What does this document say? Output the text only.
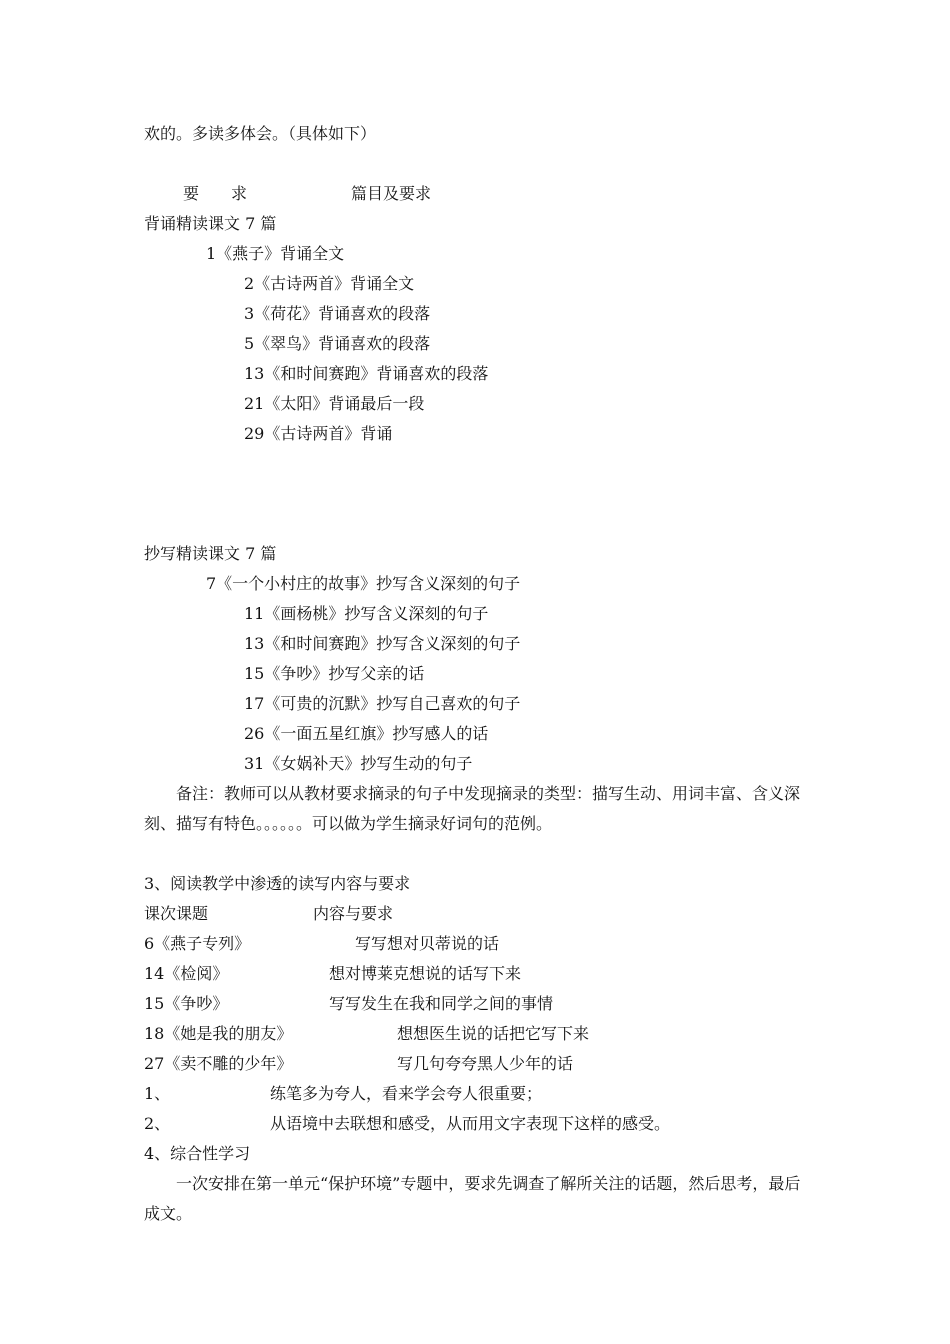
欢的。多读多体会。（具体如下）
要　　求	篇目及要求
背诵精读课文 7 篇
1《燕子》背诵全文
2《古诗两首》背诵全文
3《荷花》背诵喜欢的段落
5《翠鸟》背诵喜欢的段落
13《和时间赛跑》背诵喜欢的段落
21《太阳》背诵最后一段
29《古诗两首》背诵
抄写精读课文 7 篇
7《一个小村庄的故事》抄写含义深刻的句子
11《画杨桃》抄写含义深刻的句子
13《和时间赛跑》抄写含义深刻的句子
15《争吵》抄写父亲的话
17《可贵的沉默》抄写自己喜欢的句子
26《一面五星红旗》抄写感人的话
31《女娲补天》抄写生动的句子
备注：教师可以从教材要求摘录的句子中发现摘录的类型：描写生动、用词丰富、含义深刻、描写有特色。。。。。。可以做为学生摘录好词句的范例。
3、阅读教学中渗透的读写内容与要求
课次课题	内容与要求
6《燕子专列》	写写想对贝蒂说的话
14《检阅》	想对博莱克想说的话写下来
15《争吵》	写写发生在我和同学之间的事情
18《她是我的朋友》	想想医生说的话把它写下来
27《卖不雕的少年》	写几句夸夸黑人少年的话
1、	练笔多为夸人，看来学会夸人很重要；
2、	从语境中去联想和感受，从而用文字表现下这样的感受。
4、综合性学习
一次安排在第一单元“保护环境”专题中，要求先调查了解所关注的话题，然后思考，最后成文。
